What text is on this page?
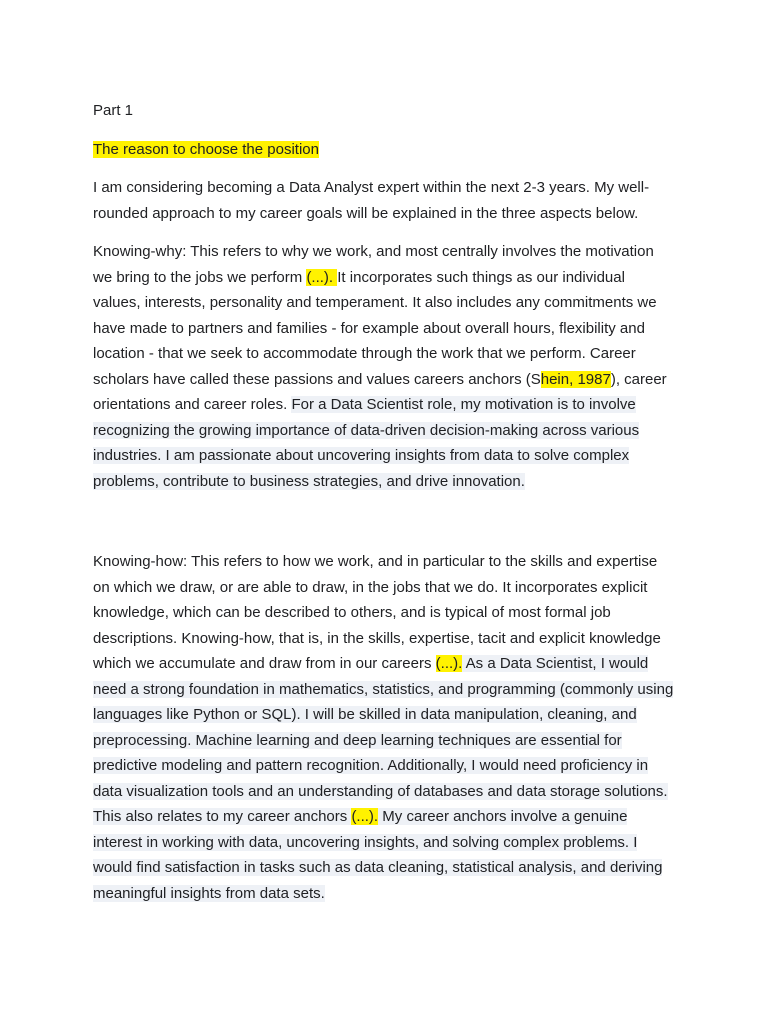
Part 1

The reason to choose the position

I am considering becoming a Data Analyst expert within the next 2-3 years. My well-rounded approach to my career goals will be explained in the three aspects below.

Knowing-why: This refers to why we work, and most centrally involves the motivation we bring to the jobs we perform (...). It incorporates such things as our individual values, interests, personality and temperament. It also includes any commitments we have made to partners and families - for example about overall hours, flexibility and location - that we seek to accommodate through the work that we perform. Career scholars have called these passions and values careers anchors (Shein, 1987), career orientations and career roles. For a Data Scientist role, my motivation is to involve recognizing the growing importance of data-driven decision-making across various industries. I am passionate about uncovering insights from data to solve complex problems, contribute to business strategies, and drive innovation.

Knowing-how: This refers to how we work, and in particular to the skills and expertise on which we draw, or are able to draw, in the jobs that we do. It incorporates explicit knowledge, which can be described to others, and is typical of most formal job descriptions. Knowing-how, that is, in the skills, expertise, tacit and explicit knowledge which we accumulate and draw from in our careers (...). As a Data Scientist, I would need a strong foundation in mathematics, statistics, and programming (commonly using languages like Python or SQL). I will be skilled in data manipulation, cleaning, and preprocessing. Machine learning and deep learning techniques are essential for predictive modeling and pattern recognition. Additionally, I would need proficiency in data visualization tools and an understanding of databases and data storage solutions. This also relates to my career anchors (...). My career anchors involve a genuine interest in working with data, uncovering insights, and solving complex problems. I would find satisfaction in tasks such as data cleaning, statistical analysis, and deriving meaningful insights from data sets.
